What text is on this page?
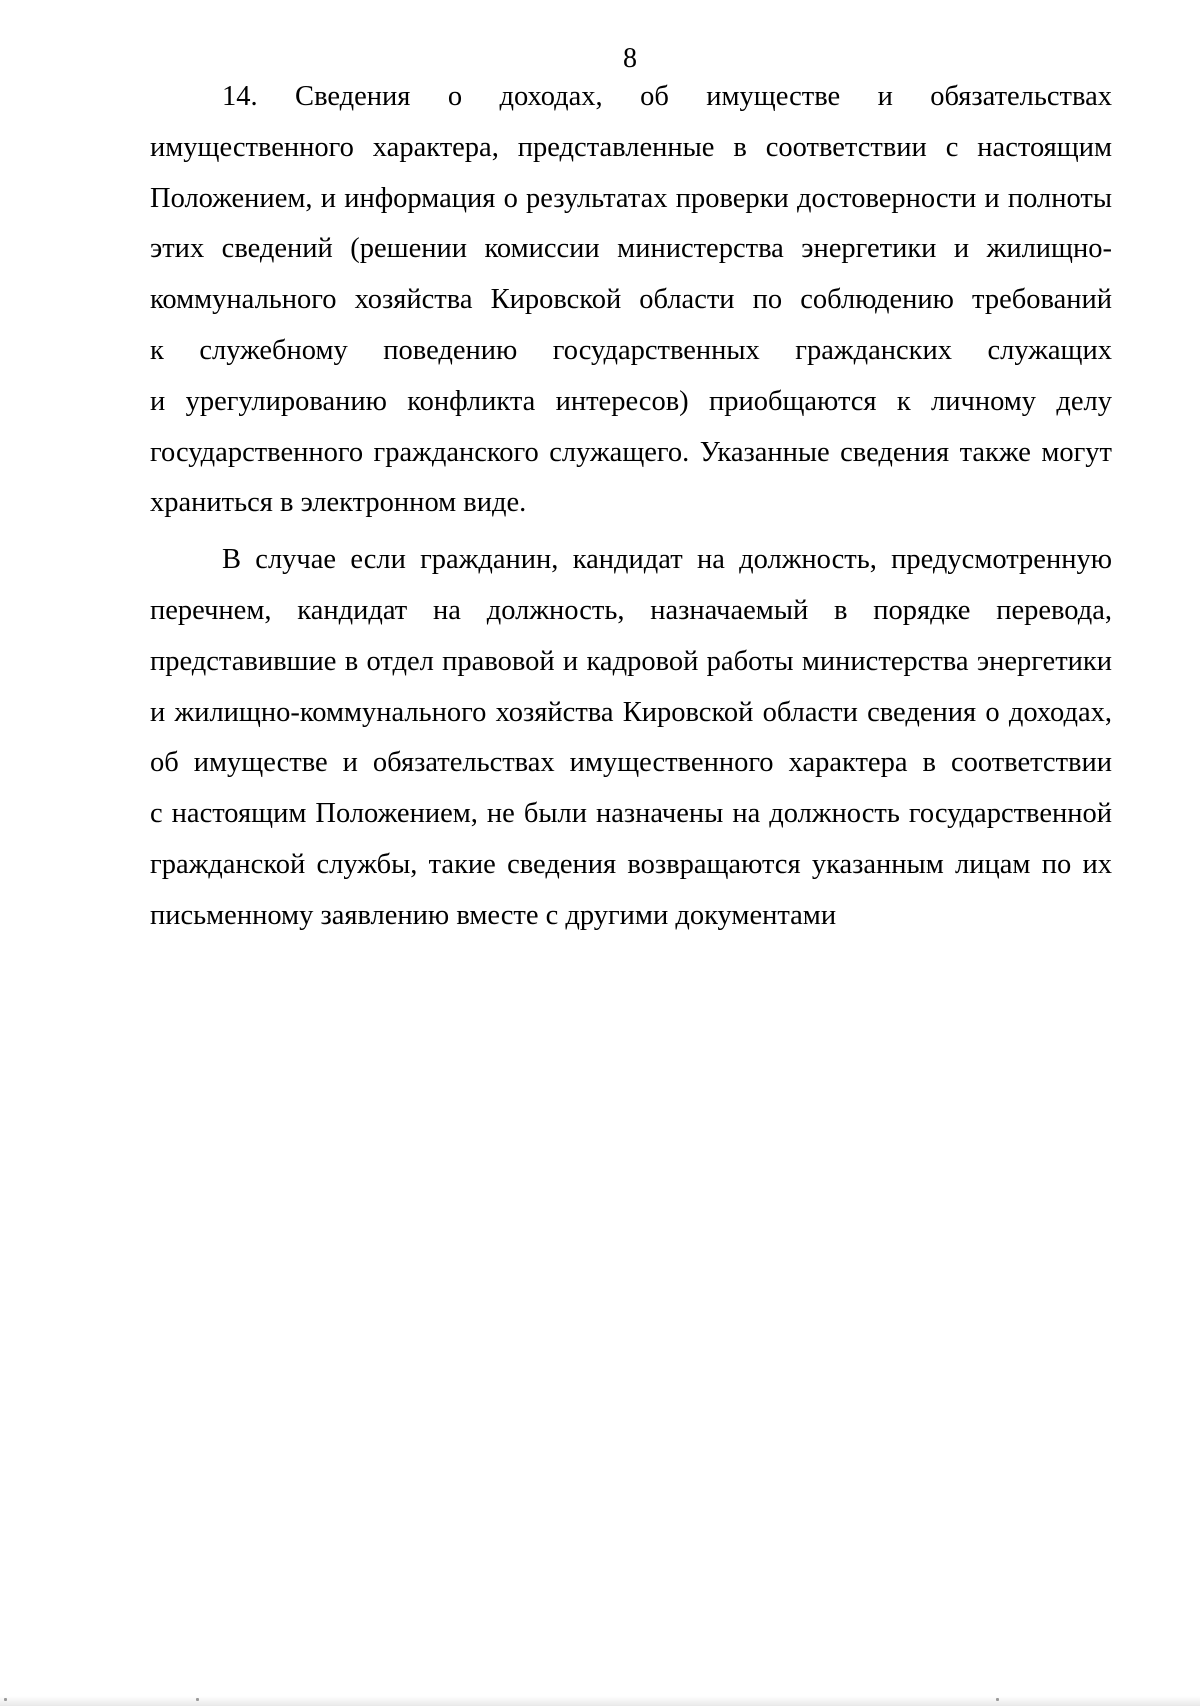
8

14. Сведения о доходах, об имуществе и обязательствах

имущественного характера, представленные в соответствии с настоящим

Положением, и информация о результатах проверки достоверности и полноты

этих сведений (решении комиссии министерства энергетики и жилищно-

коммунального хозяйства Кировской области по соблюдению требований

к служебному поведению государственных гражданских служащих

и урегулированию конфликта интересов) приобщаются к личному делу

государственного гражданского служащего. Указанные сведения также могут

храниться в электронном виде.

В случае если гражданин, кандидат на должность, предусмотренную

перечнем, кандидат на должность, назначаемый в порядке перевода,

представившие в отдел правовой и кадровой работы министерства энергетики

и жилищно-коммунального хозяйства Кировской области сведения о доходах,

об имуществе и обязательствах имущественного характера в соответствии

с настоящим Положением, не были назначены на должность государственной

гражданской службы, такие сведения возвращаются указанным лицам по их

письменному заявлению вместе с другими документами
